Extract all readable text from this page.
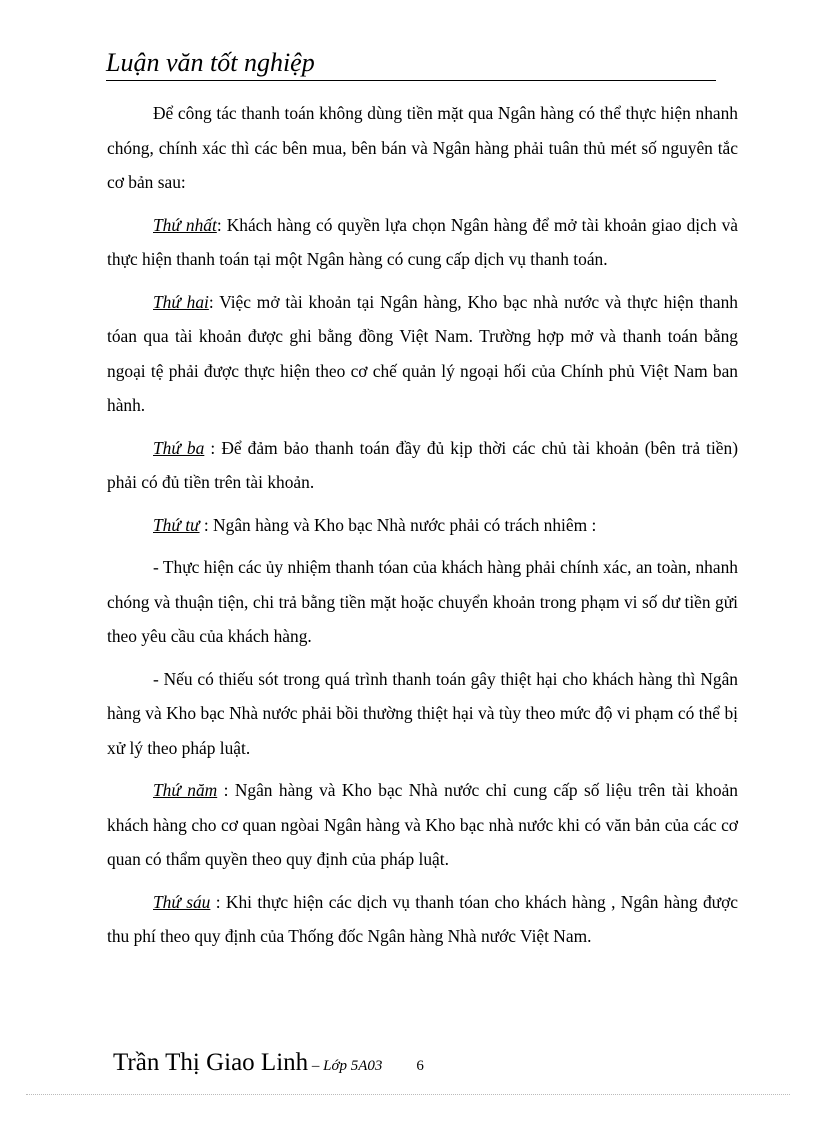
Luận văn tốt nghiệp

Để công tác thanh toán không dùng tiền mặt qua Ngân hàng có thể thực hiện nhanh chóng, chính xác thì các bên mua, bên bán và Ngân hàng phải tuân thủ mét số nguyên tắc cơ bản sau:

Thứ nhất: Khách hàng có quyền lựa chọn Ngân hàng để mở tài khoản giao dịch và thực hiện thanh toán tại một Ngân hàng có cung cấp dịch vụ thanh toán.

Thứ hai: Việc mở tài khoản tại Ngân hàng, Kho bạc nhà nước và thực hiện thanh tóan qua tài khoản được ghi bằng đồng Việt Nam. Trường hợp mở và thanh toán bằng ngoại tệ phải được thực hiện theo cơ chế quản lý ngoại hối của Chính phủ Việt Nam ban hành.

Thứ ba : Để đảm bảo thanh toán đầy đủ kịp thời các chủ tài khoản (bên trả tiền) phải có đủ tiền trên tài khoản.

Thứ tư : Ngân hàng và Kho bạc Nhà nước phải có trách nhiêm :

- Thực hiện các ủy nhiệm thanh tóan của khách hàng phải chính xác, an toàn, nhanh chóng và thuận tiện, chi trả bằng tiền mặt hoặc chuyển khoản trong phạm vi số dư tiền gửi theo yêu cầu của khách hàng.

- Nếu có thiếu sót trong quá trình thanh toán gây thiệt hại cho khách hàng thì Ngân hàng và Kho bạc Nhà nước phải bồi thường thiệt hại và tùy theo mức độ vi phạm có thể bị xử lý theo pháp luật.

Thứ năm : Ngân hàng và Kho bạc Nhà nước chỉ cung cấp số liệu trên tài khoản khách hàng cho cơ quan ngòai Ngân hàng và Kho bạc nhà nước khi có văn bản của các cơ quan có thẩm quyền theo quy định của pháp luật.

Thứ sáu : Khi thực hiện các dịch vụ thanh tóan cho khách hàng , Ngân hàng được thu phí theo quy định của Thống đốc Ngân hàng Nhà nước Việt Nam.

Trần Thị Giao Linh – Lớp 5A03 6
